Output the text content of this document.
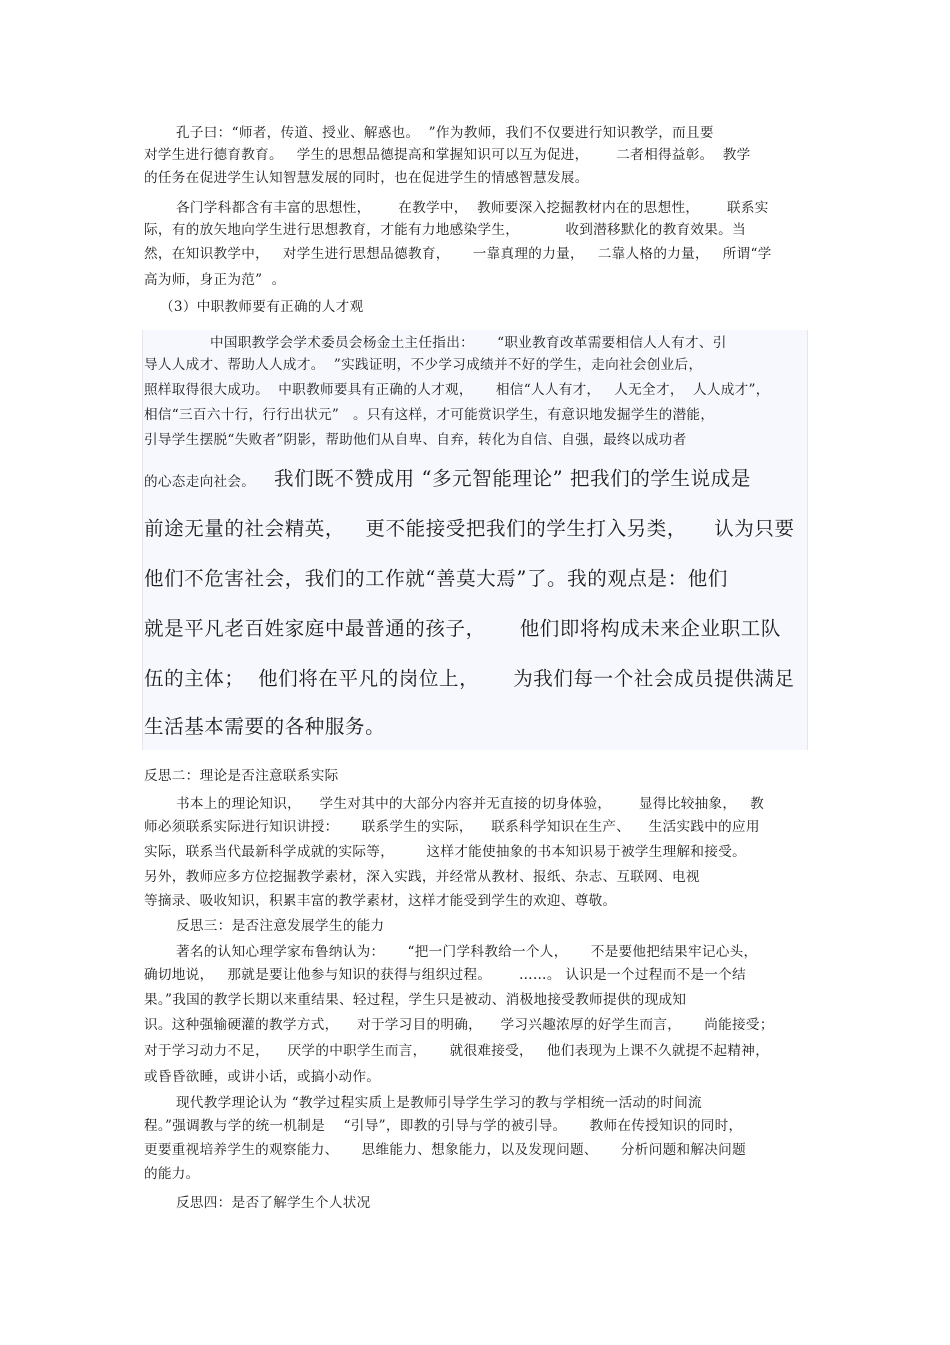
孔子曰：“师者，传道、授业、解惑也。  ”作为教师，我们不仅要进行知识教学，而且要
对学生进行德育教育。   学生的思想品德提高和掌握知识可以互为促进，      二者相得益彰。  教学
的任务在促进学生认知智慧发展的同时，也在促进学生的情感智慧发展。
各门学科都含有丰富的思想性，      在教学中，  教师要深入挖掘教材内在的思想性，      联系实
际，有的放矢地向学生进行思想教育，才能有力地感染学生，          收到潜移默化的教育效果。当
然，在知识教学中，   对学生进行思想品德教育，     一靠真理的力量，   二靠人格的力量，   所谓“学
高为师，身正为范”  。
（3）中职教师要有正确的人才观
中国职教学会学术委员会杨金土主任指出：     “职业教育改革需要相信人人有才、引
导人人成才、帮助人人成才。  ”实践证明，不少学习成绩并不好的学生，走向社会创业后，
照样取得很大成功。  中职教师要具有正确的人才观，     相信“人人有才，   人无全才，  人人成才”，
相信“三百六十行，行行出状元”   。只有这样，才可能赏识学生，有意识地发掘学生的潜能，
引导学生摆脱“失败者”阴影，帮助他们从自卑、自弃，转化为自信、自强，最终以成功者
的心态走向社会。 我们既不赞成用 “多元智能理论” 把我们的学生说成是
前途无量的社会精英，   更不能接受把我们的学生打入另类，    认为只要
他们不危害社会，我们的工作就“善莫大焉”了。我的观点是：他们
就是平凡老百姓家庭中最普通的孩子，     他们即将构成未来企业职工队
伍的主体；  他们将在平凡的岗位上，     为我们每一个社会成员提供满足
生活基本需要的各种服务。
反思二：理论是否注意联系实际
书本上的理论知识，    学生对其中的大部分内容并无直接的切身体验，      显得比较抽象，   教
师必须联系实际进行知识讲授：     联系学生的实际，    联系科学知识在生产、    生活实践中的应用
实际，联系当代最新科学成就的实际等，       这样才能使抽象的书本知识易于被学生理解和接受。
另外，教师应多方位挖掘教学素材，深入实践，并经常从教材、报纸、杂志、互联网、电视
等摘录、吸收知识，积累丰富的教学素材，这样才能受到学生的欢迎、尊敬。
反思三：是否注意发展学生的能力
著名的认知心理学家布鲁纳认为：     “把一门学科教给一个人，     不是要他把结果牢记心头，
确切地说，   那就是要让他参与知识的获得与组织过程。      ……。 认识是一个过程而不是一个结
果。”我国的教学长期以来重结果、轻过程，学生只是被动、消极地接受教师提供的现成知
识。这种强输硬灌的教学方式，    对于学习目的明确，    学习兴趣浓厚的好学生而言，     尚能接受；
对于学习动力不足，    厌学的中职学生而言，     就很难接受，   他们表现为上课不久就提不起精神，
或昏昏欲睡，或讲小话，或搞小动作。
现代教学理论认为 “教学过程实质上是教师引导学生学习的教与学相统一活动的时间流
程。”强调教与学的统一机制是    “引导”，即教的引导与学的被引导。     教师在传授知识的同时，
更要重视培养学生的观察能力、     思维能力、想象能力，以及发现问题、     分析问题和解决问题
的能力。
反思四：是否了解学生个人状况
